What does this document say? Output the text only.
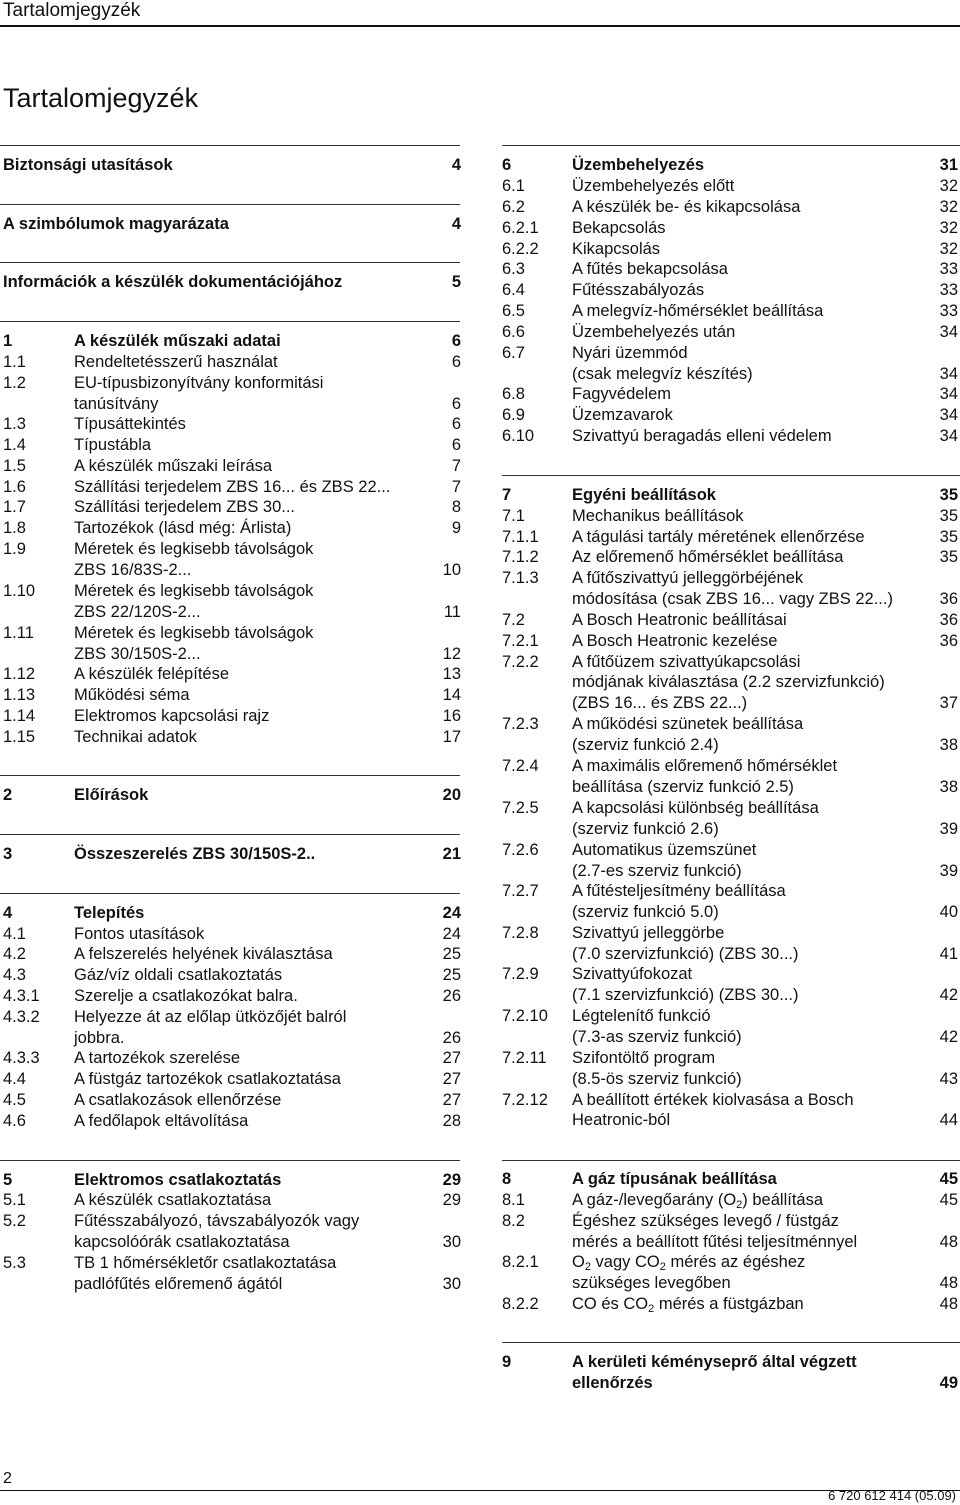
Tartalomjegyzék
Tartalomjegyzék
Biztonsági utasítások	4
A szimbólumok magyarázata	4
Információk a készülék dokumentációjához	5
1	A készülék műszaki adatai	6
1.1	Rendeltetésszerű használat	6
1.2	EU-típusbizonyítvány konformitási
tanúsítvány	6
1.3	Típusáttekintés	6
1.4	Típustábla	6
1.5	A készülék műszaki leírása	7
1.6	Szállítási terjedelem ZBS 16... és ZBS 22...	7
1.7	Szállítási terjedelem ZBS 30...	8
1.8	Tartozékok (lásd még: Árlista)	9
1.9	Méretek és legkisebb távolságok
ZBS 16/83S-2...	10
1.10 Méretek és legkisebb távolságok
ZBS 22/120S-2...	11
1.11 Méretek és legkisebb távolságok
ZBS 30/150S-2...	12
1.12 A készülék felépítése	13
1.13 Működési séma	14
1.14 Elektromos kapcsolási rajz	16
1.15 Technikai adatok	17
2	Előírások	20
3	Összeszerelés ZBS 30/150S-2..	21
4	Telepítés	24
4.1	Fontos utasítások	24
4.2	A felszerelés helyének kiválasztása	25
4.3	Gáz/víz oldali csatlakoztatás	25
4.3.1 Szerelje a csatlakozókat balra.	26
4.3.2 Helyezze át az előlap ütközőjét balról
jobbra.	26
4.3.3 A tartozékok szerelése	27
4.4	A füstgáz tartozékok csatlakoztatása	27
4.5	A csatlakozások ellenőrzése	27
4.6	A fedőlapok eltávolítása	28
5	Elektromos csatlakoztatás	29
5.1	A készülék csatlakoztatása	29
5.2	Fűtésszabályozó, távszabályozók vagy
kapcsolóórák csatlakoztatása	30
5.3	TB 1 hőmérsékletőr csatlakoztatása
padlófűtés előremenő ágától	30
6	Üzembehelyezés	31
6.1	Üzembehelyezés előtt	32
6.2	A készülék be- és kikapcsolása	32
6.2.1 Bekapcsolás	32
6.2.2 Kikapcsolás	32
6.3	A fűtés bekapcsolása	33
6.4	Fűtésszabályozás	33
6.5	A melegvíz-hőmérséklet beállítása	33
6.6	Üzembehelyezés után	34
6.7	Nyári üzemmód
(csak melegvíz készítés)	34
6.8	Fagyvédelem	34
6.9	Üzemzavarok	34
6.10 Szivattyú beragadás elleni védelem	34
7	Egyéni beállítások	35
7.1	Mechanikus beállítások	35
7.1.1 A tágulási tartály méretének ellenőrzése	35
7.1.2 Az előremenő hőmérséklet beállítása	35
7.1.3 A fűtőszivattyú jelleggörbéjének
módosítása (csak ZBS 16... vagy ZBS 22...)	36
7.2	A Bosch Heatronic beállításai	36
7.2.1 A Bosch Heatronic kezelése	36
7.2.2 A fűtőüzem szivattyúkapcsolási
módjának kiválasztása (2.2 szervizfunkció)
(ZBS 16... és ZBS 22...)	37
7.2.3 A működési szünetek beállítása
(szerviz funkció 2.4)	38
7.2.4 A maximális előremenő hőmérséklet
beállítása (szerviz funkció 2.5)	38
7.2.5 A kapcsolási különbség beállítása
(szerviz funkció 2.6)	39
7.2.6 Automatikus üzemszünet
(2.7-es szerviz funkció)	39
7.2.7 A fűtésteljesítmény beállítása
(szerviz funkció 5.0)	40
7.2.8 Szivattyú jelleggörbe
(7.0 szervizfunkció) (ZBS 30...)	41
7.2.9 Szivattyúfokozat
(7.1 szervizfunkció) (ZBS 30...)	42
7.2.10 Légtelenítő funkció
(7.3-as szerviz funkció)	42
7.2.11 Szifontöltő program
(8.5-ös szerviz funkció)	43
7.2.12 A beállított értékek kiolvasása a Bosch
Heatronic-ból	44
8	A gáz típusának beállítása	45
8.1	A gáz-/levegőarány $(O_2)$ beállítása	45
8.2	Égéshez szükséges levegő / füstgáz
mérés a beállított fűtési teljesítménnyel	48
8.2.1 $O_2$ vagy $CO_2$ mérés az égéshez
szükséges levegőben	48
8.2.2 CO és $CO_2$ mérés a füstgázban	48
9	A kerületi kéményseprő által végzett
ellenőrzés	49
2
6 720 612 414 (05.09)
